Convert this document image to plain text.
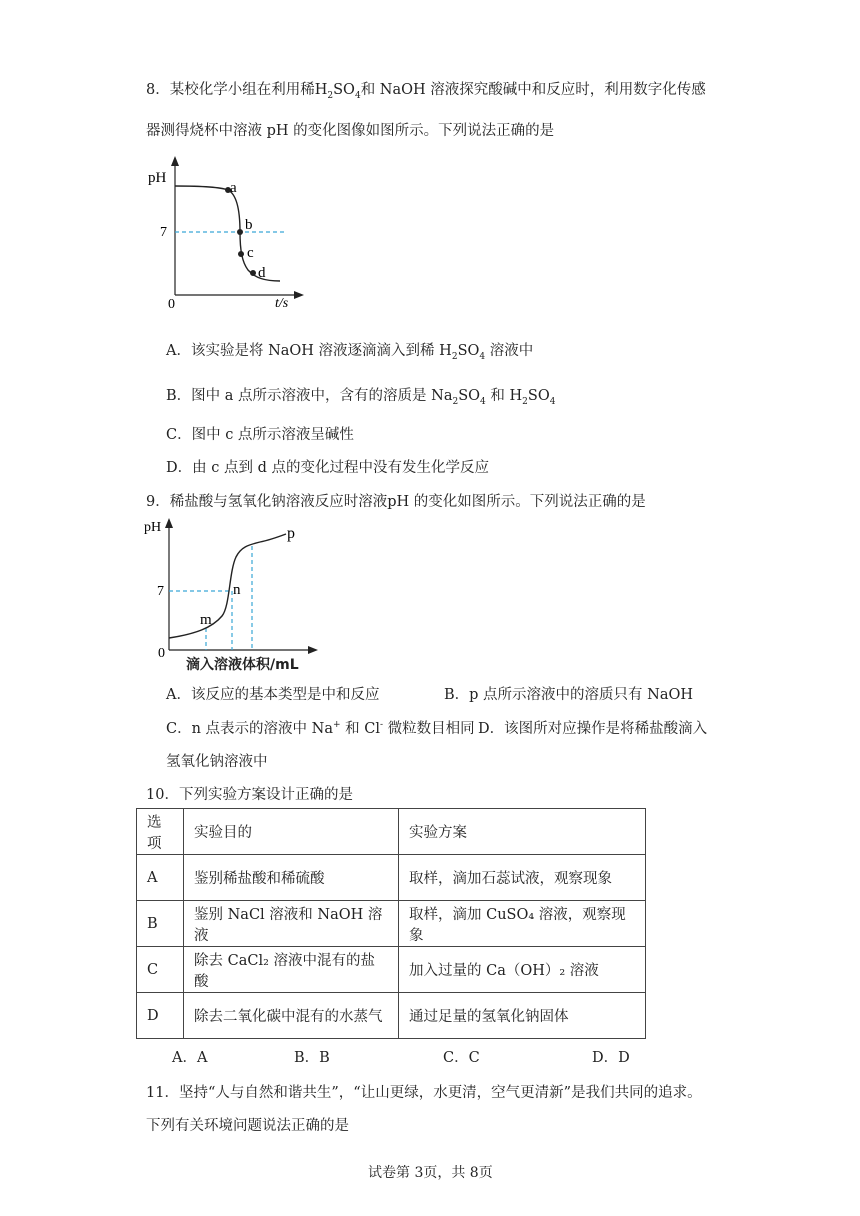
8．某校化学小组在利用稀$H_2SO_4$和 NaOH 溶液探究酸碱中和反应时，利用数字化传感
器测得烧杯中溶液 pH 的变化图像如图所示。下列说法正确的是
pH
0	t/s
7
a
b
c
d
A．该实验是将 NaOH 溶液逐滴滴入到稀 $H_2SO_4$ 溶液中
B．图中 a 点所示溶液中，含有的溶质是 $Na_2SO_4$ 和 $H_2SO_4$
C．图中 c 点所示溶液呈碱性
D．由 c 点到 d 点的变化过程中没有发生化学反应
9．稀盐酸与氢氧化钠溶液反应时溶液pH 的变化如图所示。下列说法正确的是
pH
0
7
m
n
p
滴入溶液体积/mL
A．该反应的基本类型是中和反应	B．p 点所示溶液中的溶质只有 NaOH
C．n 点表示的溶液中 Na+ 和 Cl- 微粒数目相同 D．该图所对应操作是将稀盐酸滴入
氢氧化钠溶液中
10．下列实验方案设计正确的是
选项	实验目的	实验方案
A	鉴别稀盐酸和稀硫酸	取样，滴加石蕊试液，观察现象
B	鉴别 NaCl 溶液和 NaOH 溶液	取样，滴加 CuSO₄ 溶液，观察现象
C	除去 CaCl₂ 溶液中混有的盐酸	加入过量的 Ca（OH）₂ 溶液
D	除去二氧化碳中混有的水蒸气	通过足量的氢氧化钠固体
A．A	B．B	C．C	D．D
11．坚持“人与自然和谐共生”，“让山更绿，水更清，空气更清新”是我们共同的追求。
下列有关环境问题说法正确的是
试卷第 3页，共 8页
